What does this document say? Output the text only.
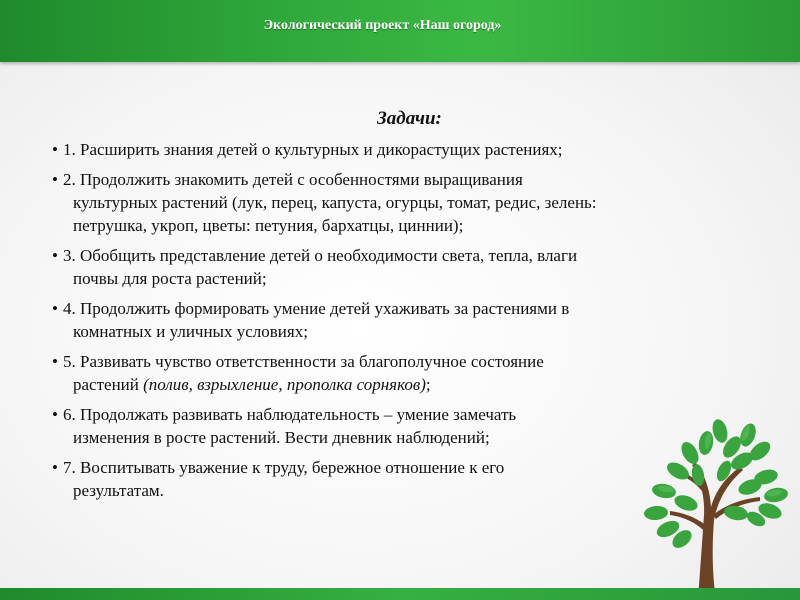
Экологический проект «Наш огород»
Задачи:
• 1. Расширить знания детей о культурных и дикорастущих растениях;
• 2. Продолжить знакомить детей с особенностями выращивания
культурных растений (лук, перец, капуста, огурцы, томат, редис, зелень:
петрушка, укроп, цветы: петуния, бархатцы, циннии);
• 3. Обобщить представление детей о необходимости света, тепла, влаги
почвы для роста растений;
• 4. Продолжить формировать умение детей ухаживать за растениями в
комнатных и уличных условиях;
• 5. Развивать чувство ответственности за благополучное состояние
растений (полив, взрыхление, прополка сорняков);
• 6. Продолжать развивать наблюдательность – умение замечать
изменения в росте растений. Вести дневник наблюдений;
• 7. Воспитывать уважение к труду, бережное отношение к его
результатам.
